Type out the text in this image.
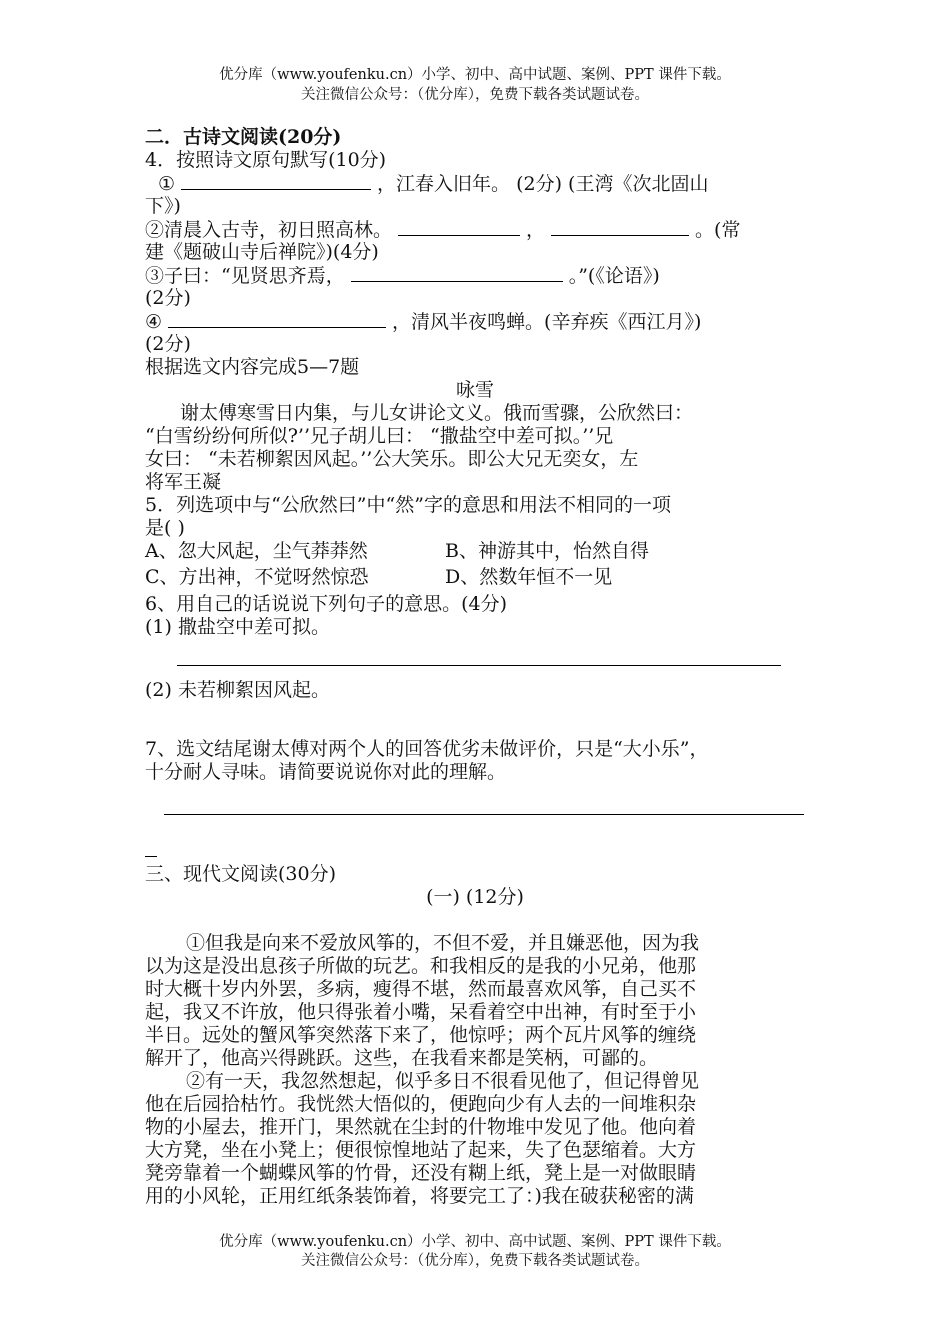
优分库（www.youfenku.cn）小学、初中、高中试题、案例、PPT 课件下载。
关注微信公众号：（优分库），免费下载各类试题试卷。
二．古诗文阅读(20分)
4．按照诗文原句默写(10分)
①	，江春入旧年。 (2分) (王湾《次北固山
下》)
②清晨入古寺，初日照高林。	，	。(常
建《题破山寺后禅院》)(4分)
③子曰：“见贤思齐焉，	。”(《论语》)
(2分)
④	，清风半夜鸣蝉。(辛弃疾《西江月》)
(2分)
根据选文内容完成5—7题
咏雪
谢太傅寒雪日内集，与儿女讲论文义。俄而雪骤，公欣然曰：
“白雪纷纷何所似?’’兄子胡儿曰： “撒盐空中差可拟。’’兄
女曰： “未若柳絮因风起。’’公大笑乐。即公大兄无奕女，左
将军王凝
5．列选项中与“公欣然曰”中“然”字的意思和用法不相同的一项
是( )
A、忽大风起，尘气莽莽然	B、神游其中，怡然自得
C、方出神，不觉呀然惊恐	D、然数年恒不一见
6、用自己的话说说下列句子的意思。(4分)
(1) 撒盐空中差可拟。
(2) 未若柳絮因风起。
7、选文结尾谢太傅对两个人的回答优劣未做评价，只是“大小乐”，
十分耐人寻味。请简要说说你对此的理解。
三、现代文阅读(30分)
(一) (12分)
①但我是向来不爱放风筝的，不但不爱，并且嫌恶他，因为我
以为这是没出息孩子所做的玩艺。和我相反的是我的小兄弟，他那
时大概十岁内外罢，多病，瘦得不堪，然而最喜欢风筝，自己买不
起，我又不许放，他只得张着小嘴，呆看着空中出神，有时至于小
半日。远处的蟹风筝突然落下来了，他惊呼；两个瓦片风筝的缠绕
解开了，他高兴得跳跃。这些，在我看来都是笑柄，可鄙的。
②有一天，我忽然想起，似乎多日不很看见他了，但记得曾见
他在后园拾枯竹。我恍然大悟似的，便跑向少有人去的一间堆积杂
物的小屋去，推开门，果然就在尘封的什物堆中发见了他。他向着
大方凳，坐在小凳上；便很惊惶地站了起来，失了色瑟缩着。大方
凳旁靠着一个蝴蝶风筝的竹骨，还没有糊上纸，凳上是一对做眼睛
用的小风轮，正用红纸条装饰着，将要完工了：)我在破获秘密的满
优分库（www.youfenku.cn）小学、初中、高中试题、案例、PPT 课件下载。
关注微信公众号：（优分库），免费下载各类试题试卷。
